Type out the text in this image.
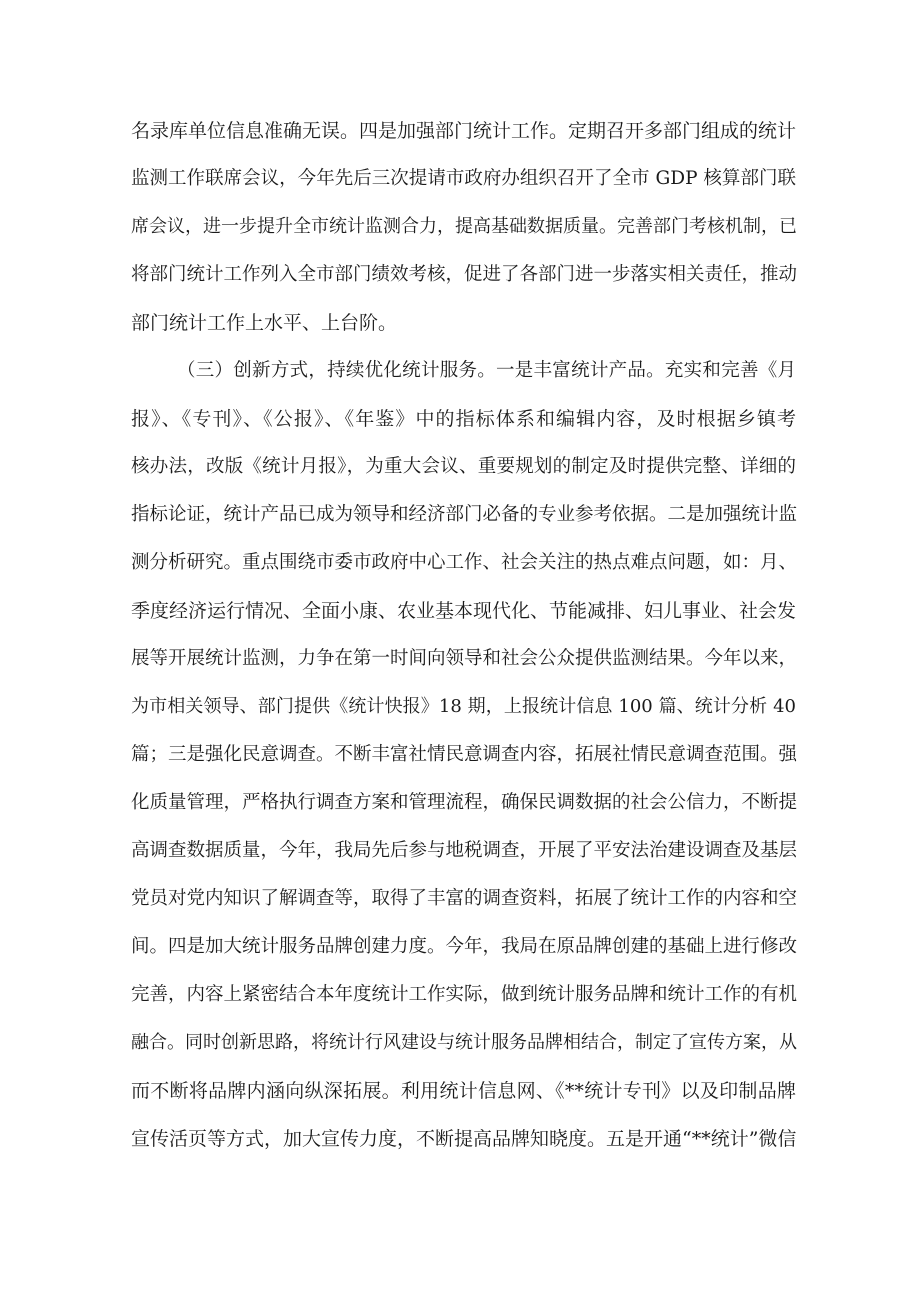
名录库单位信息准确无误。四是加强部门统计工作。定期召开多部门组成的统计
监测工作联席会议，今年先后三次提请市政府办组织召开了全市 GDP 核算部门联
席会议，进一步提升全市统计监测合力，提高基础数据质量。完善部门考核机制，已
将部门统计工作列入全市部门绩效考核，促进了各部门进一步落实相关责任，推动
部门统计工作上水平、上台阶。
（三）创新方式，持续优化统计服务。一是丰富统计产品。充实和完善《月
报》、《专刊》、《公报》、《年鉴》中的指标体系和编辑内容，及时根据乡镇考
核办法，改版《统计月报》，为重大会议、重要规划的制定及时提供完整、详细的
指标论证，统计产品已成为领导和经济部门必备的专业参考依据。二是加强统计监
测分析研究。重点围绕市委市政府中心工作、社会关注的热点难点问题，如：月、
季度经济运行情况、全面小康、农业基本现代化、节能减排、妇儿事业、社会发
展等开展统计监测，力争在第一时间向领导和社会公众提供监测结果。今年以来，
为市相关领导、部门提供《统计快报》18 期，上报统计信息 100 篇、统计分析 40
篇；三是强化民意调查。不断丰富社情民意调查内容，拓展社情民意调查范围。强
化质量管理，严格执行调查方案和管理流程，确保民调数据的社会公信力，不断提
高调查数据质量，今年，我局先后参与地税调查，开展了平安法治建设调查及基层
党员对党内知识了解调查等，取得了丰富的调查资料，拓展了统计工作的内容和空
间。四是加大统计服务品牌创建力度。今年，我局在原品牌创建的基础上进行修改
完善，内容上紧密结合本年度统计工作实际，做到统计服务品牌和统计工作的有机
融合。同时创新思路，将统计行风建设与统计服务品牌相结合，制定了宣传方案，从
而不断将品牌内涵向纵深拓展。利用统计信息网、《**统计专刊》以及印制品牌
宣传活页等方式，加大宣传力度，不断提高品牌知晓度。五是开通“**统计”微信
